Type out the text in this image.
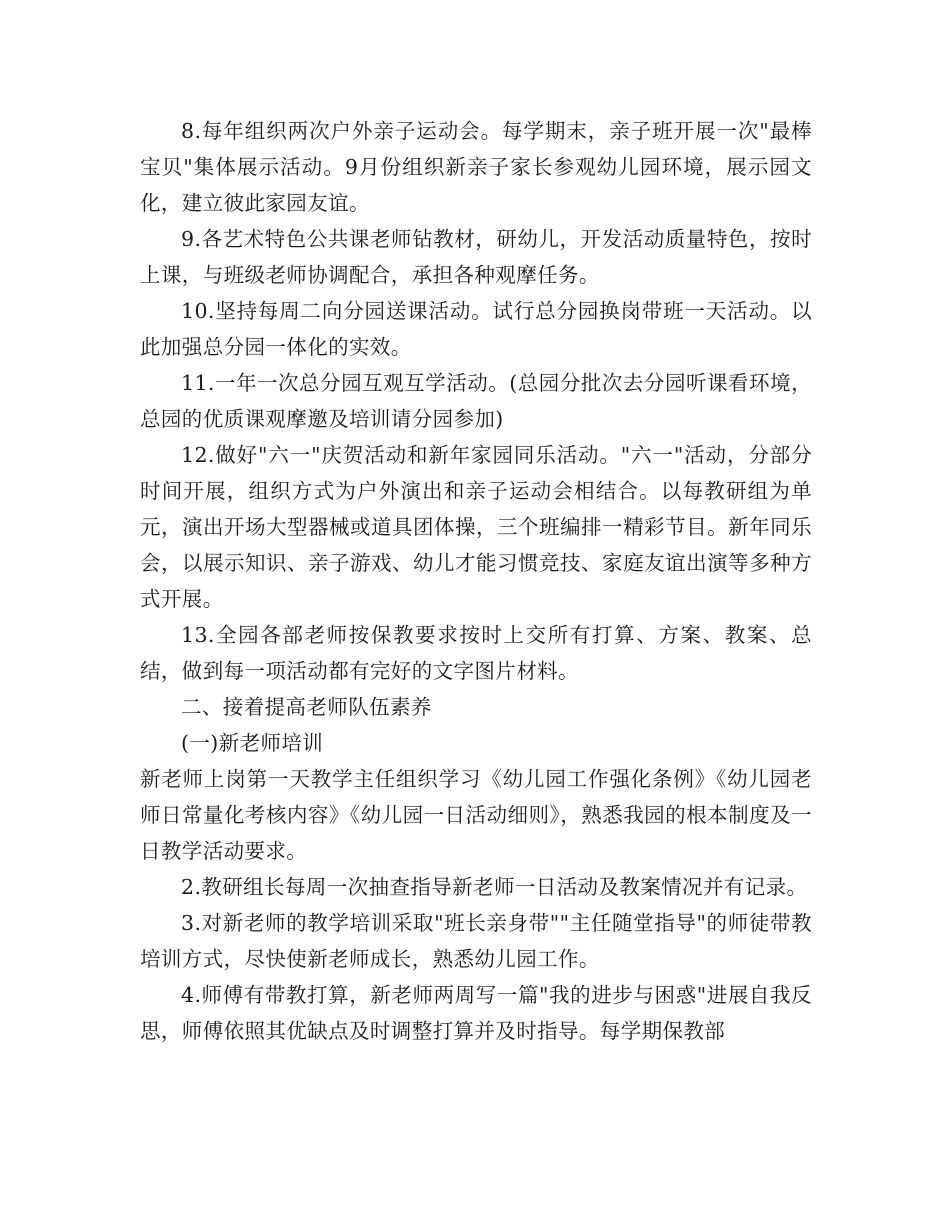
8.每年组织两次户外亲子运动会。每学期末，亲子班开展一次"最棒宝贝"集体展示活动。9月份组织新亲子家长参观幼儿园环境，展示园文化，建立彼此家园友谊。

9.各艺术特色公共课老师钻教材，研幼儿，开发活动质量特色，按时上课，与班级老师协调配合，承担各种观摩任务。

10.坚持每周二向分园送课活动。试行总分园换岗带班一天活动。以此加强总分园一体化的实效。

11.一年一次总分园互观互学活动。(总园分批次去分园听课看环境，总园的优质课观摩邀及培训请分园参加)

12.做好"六一"庆贺活动和新年家园同乐活动。"六一"活动，分部分时间开展，组织方式为户外演出和亲子运动会相结合。以每教研组为单元，演出开场大型器械或道具团体操，三个班编排一精彩节目。新年同乐会，以展示知识、亲子游戏、幼儿才能习惯竞技、家庭友谊出演等多种方式开展。

13.全园各部老师按保教要求按时上交所有打算、方案、教案、总结，做到每一项活动都有完好的文字图片材料。

二、接着提高老师队伍素养

(一)新老师培训

新老师上岗第一天教学主任组织学习《幼儿园工作强化条例》《幼儿园老师日常量化考核内容》《幼儿园一日活动细则》，熟悉我园的根本制度及一日教学活动要求。

2.教研组长每周一次抽查指导新老师一日活动及教案情况并有记录。

3.对新老师的教学培训采取"班长亲身带""主任随堂指导"的师徒带教培训方式，尽快使新老师成长，熟悉幼儿园工作。

4.师傅有带教打算，新老师两周写一篇"我的进步与困惑"进展自我反思，师傅依照其优缺点及时调整打算并及时指导。每学期保教部
